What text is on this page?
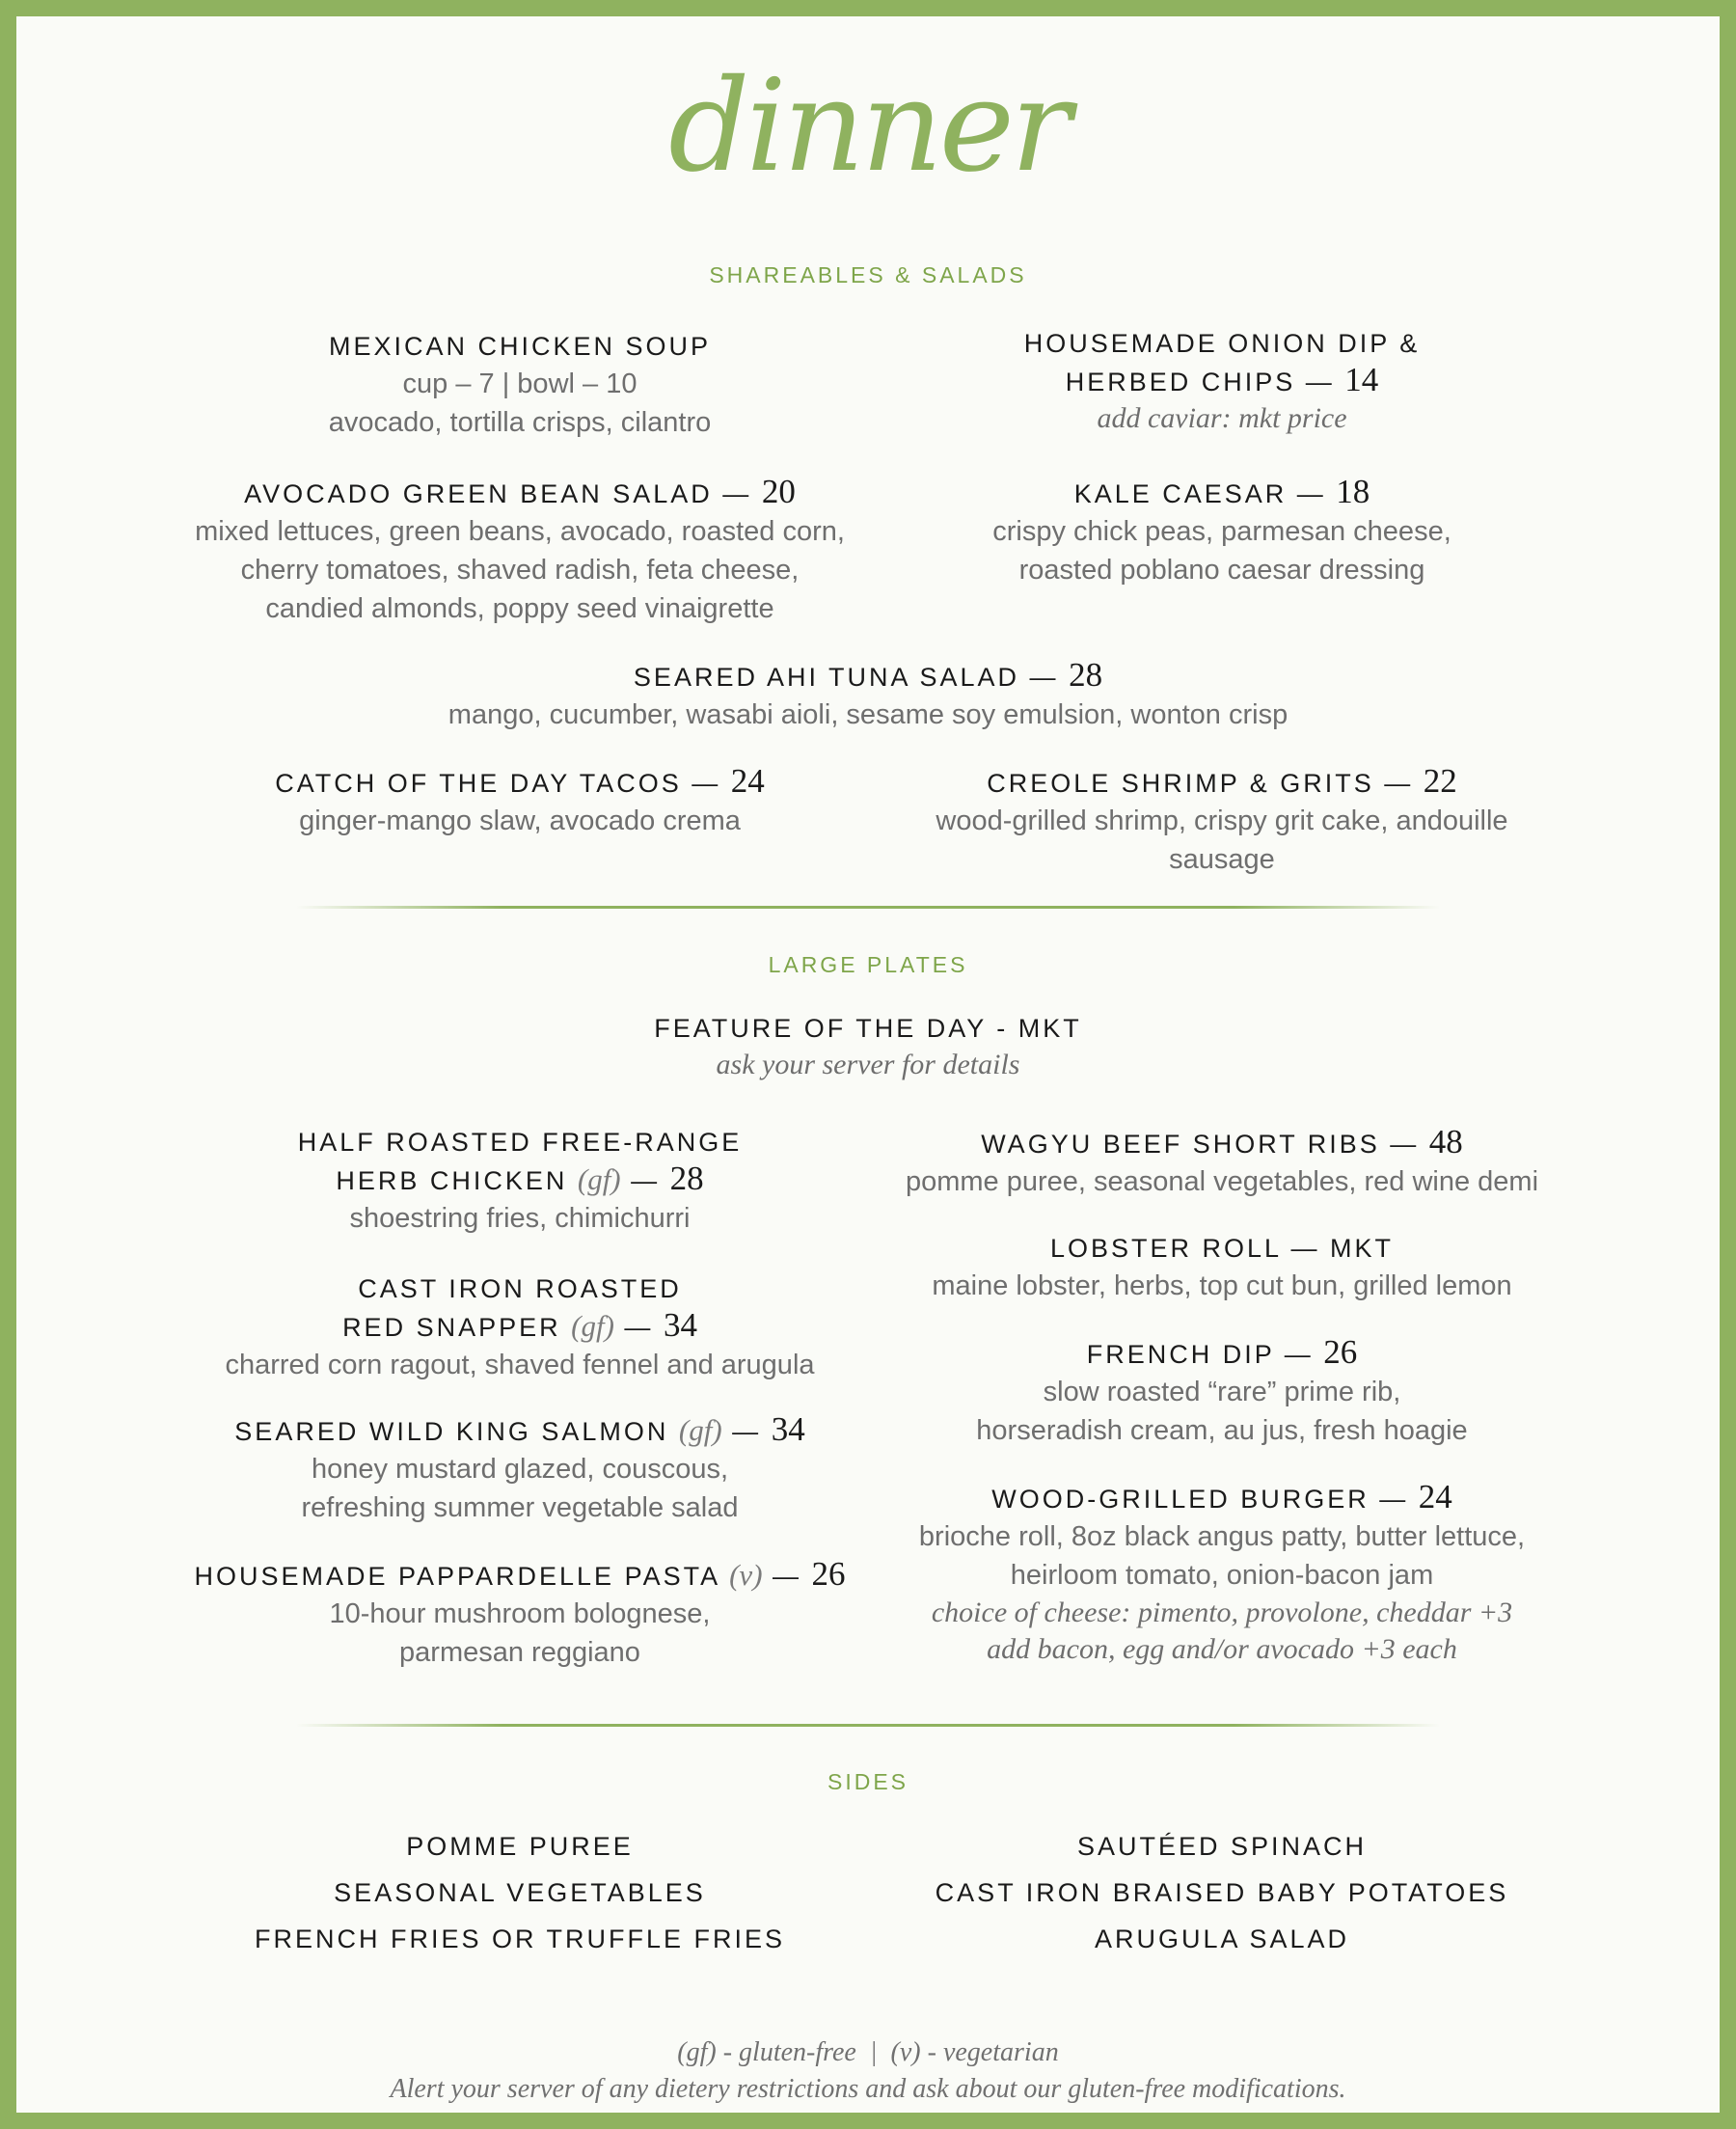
dinner
SHAREABLES & SALADS
MEXICAN CHICKEN SOUP
cup – 7 | bowl – 10
avocado, tortilla crisps, cilantro
HOUSEMADE ONION DIP &
HERBED CHIPS — 14
add caviar: mkt price
AVOCADO GREEN BEAN SALAD — 20
mixed lettuces, green beans, avocado, roasted corn,
cherry tomatoes, shaved radish, feta cheese,
candied almonds, poppy seed vinaigrette
KALE CAESAR — 18
crispy chick peas, parmesan cheese,
roasted poblano caesar dressing
SEARED AHI TUNA SALAD — 28
mango, cucumber, wasabi aioli, sesame soy emulsion, wonton crisp
CATCH OF THE DAY TACOS — 24
ginger-mango slaw, avocado crema
CREOLE SHRIMP & GRITS — 22
wood-grilled shrimp, crispy grit cake, andouille sausage
LARGE PLATES
FEATURE OF THE DAY - MKT
ask your server for details
HALF ROASTED FREE-RANGE
HERB CHICKEN (gf) — 28
shoestring fries, chimichurri
CAST IRON ROASTED
RED SNAPPER (gf) — 34
charred corn ragout, shaved fennel and arugula
SEARED WILD KING SALMON (gf) — 34
honey mustard glazed, couscous,
refreshing summer vegetable salad
HOUSEMADE PAPPARDELLE PASTA (v) — 26
10-hour mushroom bolognese,
parmesan reggiano
WAGYU BEEF SHORT RIBS — 48
pomme puree, seasonal vegetables, red wine demi
LOBSTER ROLL — MKT
maine lobster, herbs, top cut bun, grilled lemon
FRENCH DIP — 26
slow roasted “rare” prime rib,
horseradish cream, au jus, fresh hoagie
WOOD-GRILLED BURGER — 24
brioche roll, 8oz black angus patty, butter lettuce,
heirloom tomato, onion-bacon jam
choice of cheese: pimento, provolone, cheddar +3
add bacon, egg and/or avocado +3 each
SIDES
POMME PUREE
SEASONAL VEGETABLES
FRENCH FRIES OR TRUFFLE FRIES
SAUTÉED SPINACH
CAST IRON BRAISED BABY POTATOES
ARUGULA SALAD
(gf) - gluten-free  |  (v) - vegetarian
Alert your server of any dietery restrictions and ask about our gluten-free modifications.
